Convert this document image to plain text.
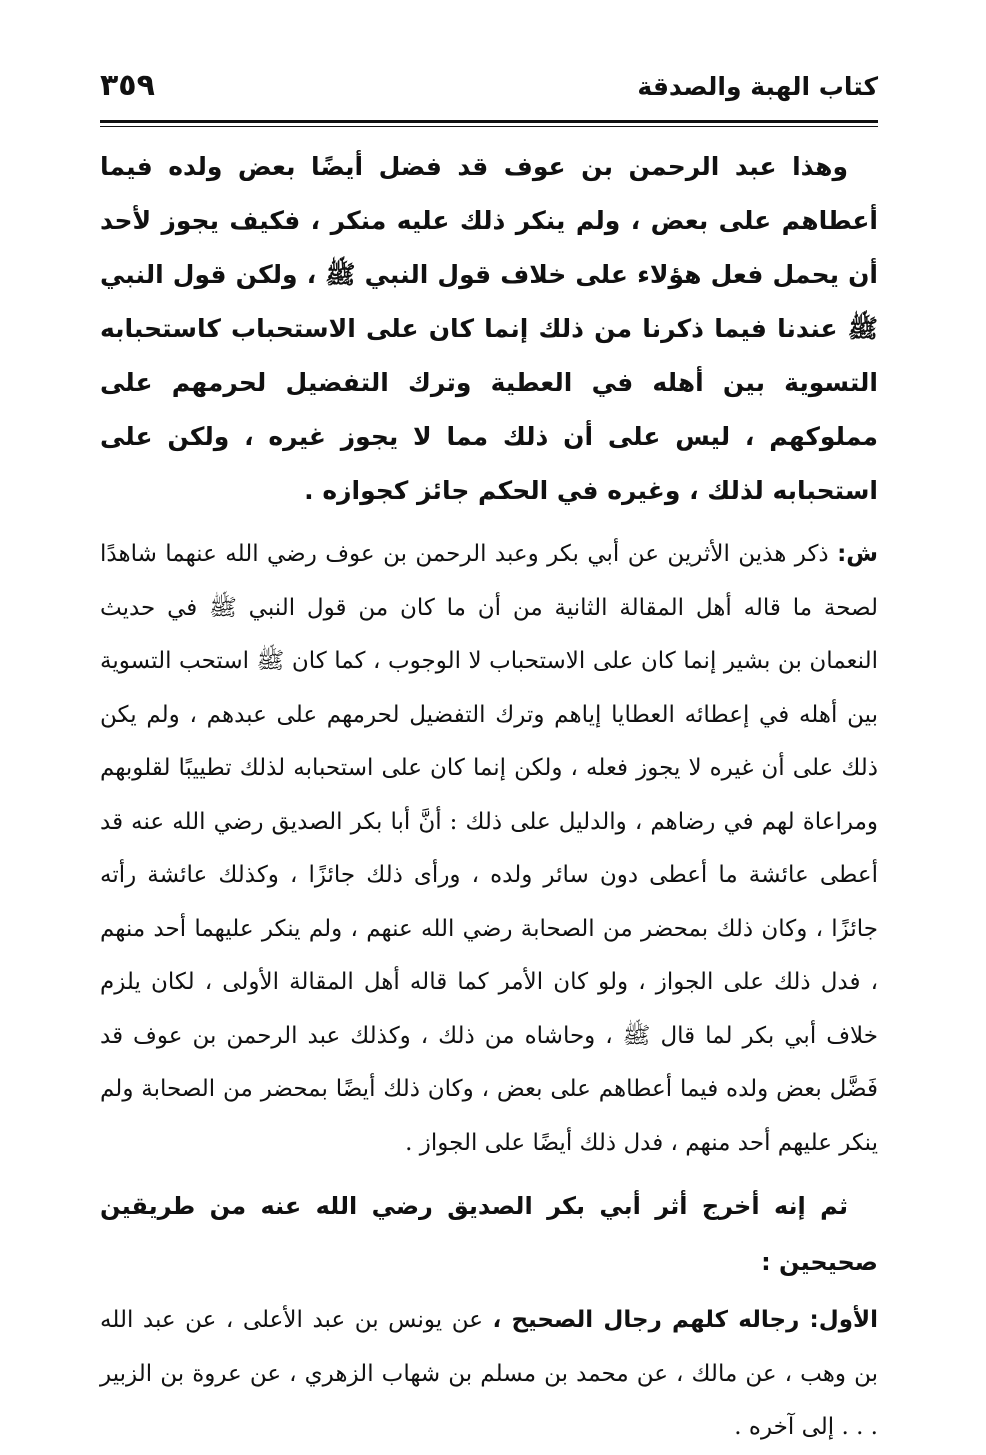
٣٥٩	كتاب الهبة والصدقة

وهذا عبد الرحمن بن عوف قد فضل أيضًا بعض ولده فيما أعطاهم على بعض ، ولم ينكر ذلك عليه منكر ، فكيف يجوز لأحد أن يحمل فعل هؤلاء على خلاف قول النبي ﷺ ، ولكن قول النبي ﷺ عندنا فيما ذكرنا من ذلك إنما كان على الاستحباب كاستحبابه التسوية بين أهله في العطية وترك التفضيل لحرمهم على مملوكهم ، ليس على أن ذلك مما لا يجوز غيره ، ولكن على استحبابه لذلك ، وغيره في الحكم جائز كجوازه .

ش: ذكر هذين الأثرين عن أبي بكر وعبد الرحمن بن عوف رضي الله عنهما شاهدًا لصحة ما قاله أهل المقالة الثانية من أن ما كان من قول النبي ﷺ في حديث النعمان بن بشير إنما كان على الاستحباب لا الوجوب ، كما كان ﷺ استحب التسوية بين أهله في إعطائه العطايا إياهم وترك التفضيل لحرمهم على عبدهم ، ولم يكن ذلك على أن غيره لا يجوز فعله ، ولكن إنما كان على استحبابه لذلك تطييبًا لقلوبهم ومراعاة لهم في رضاهم ، والدليل على ذلك : أنَّ أبا بكر الصديق رضي الله عنه قد أعطى عائشة ما أعطى دون سائر ولده ، ورأى ذلك جائزًا ، وكذلك عائشة رأته جائزًا ، وكان ذلك بمحضر من الصحابة رضي الله عنهم ، ولم ينكر عليهما أحد منهم ، فدل ذلك على الجواز ، ولو كان الأمر كما قاله أهل المقالة الأولى ، لكان يلزم خلاف أبي بكر لما قال ﷺ ، وحاشاه من ذلك ، وكذلك عبد الرحمن بن عوف قد فَضَّل بعض ولده فيما أعطاهم على بعض ، وكان ذلك أيضًا بمحضر من الصحابة ولم ينكر عليهم أحد منهم ، فدل ذلك أيضًا على الجواز .

ثم إنه أخرج أثر أبي بكر الصديق رضي الله عنه من طريقين صحيحين :

الأول: رجاله كلهم رجال الصحيح ، عن يونس بن عبد الأعلى ، عن عبد الله بن وهب ، عن مالك ، عن محمد بن مسلم بن شهاب الزهري ، عن عروة بن الزبير . . . إلى آخره .
